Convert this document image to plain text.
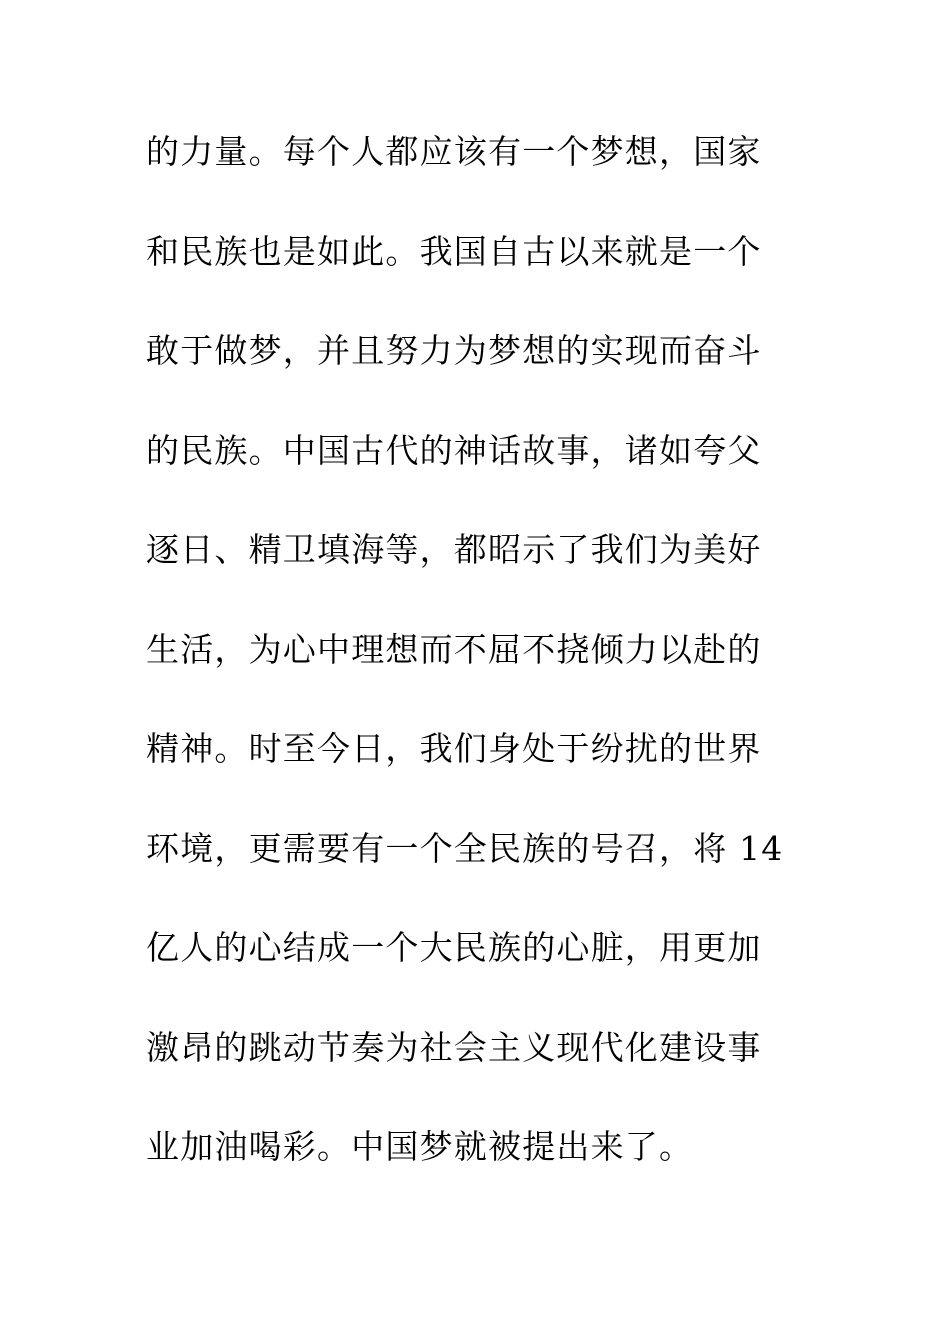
的力量。每个人都应该有一个梦想，国家
和民族也是如此。我国自古以来就是一个
敢于做梦，并且努力为梦想的实现而奋斗
的民族。中国古代的神话故事，诸如夸父
逐日、精卫填海等，都昭示了我们为美好
生活，为心中理想而不屈不挠倾力以赴的
精神。时至今日，我们身处于纷扰的世界
环境，更需要有一个全民族的号召，将 14
亿人的心结成一个大民族的心脏，用更加
激昂的跳动节奏为社会主义现代化建设事
业加油喝彩。中国梦就被提出来了。
